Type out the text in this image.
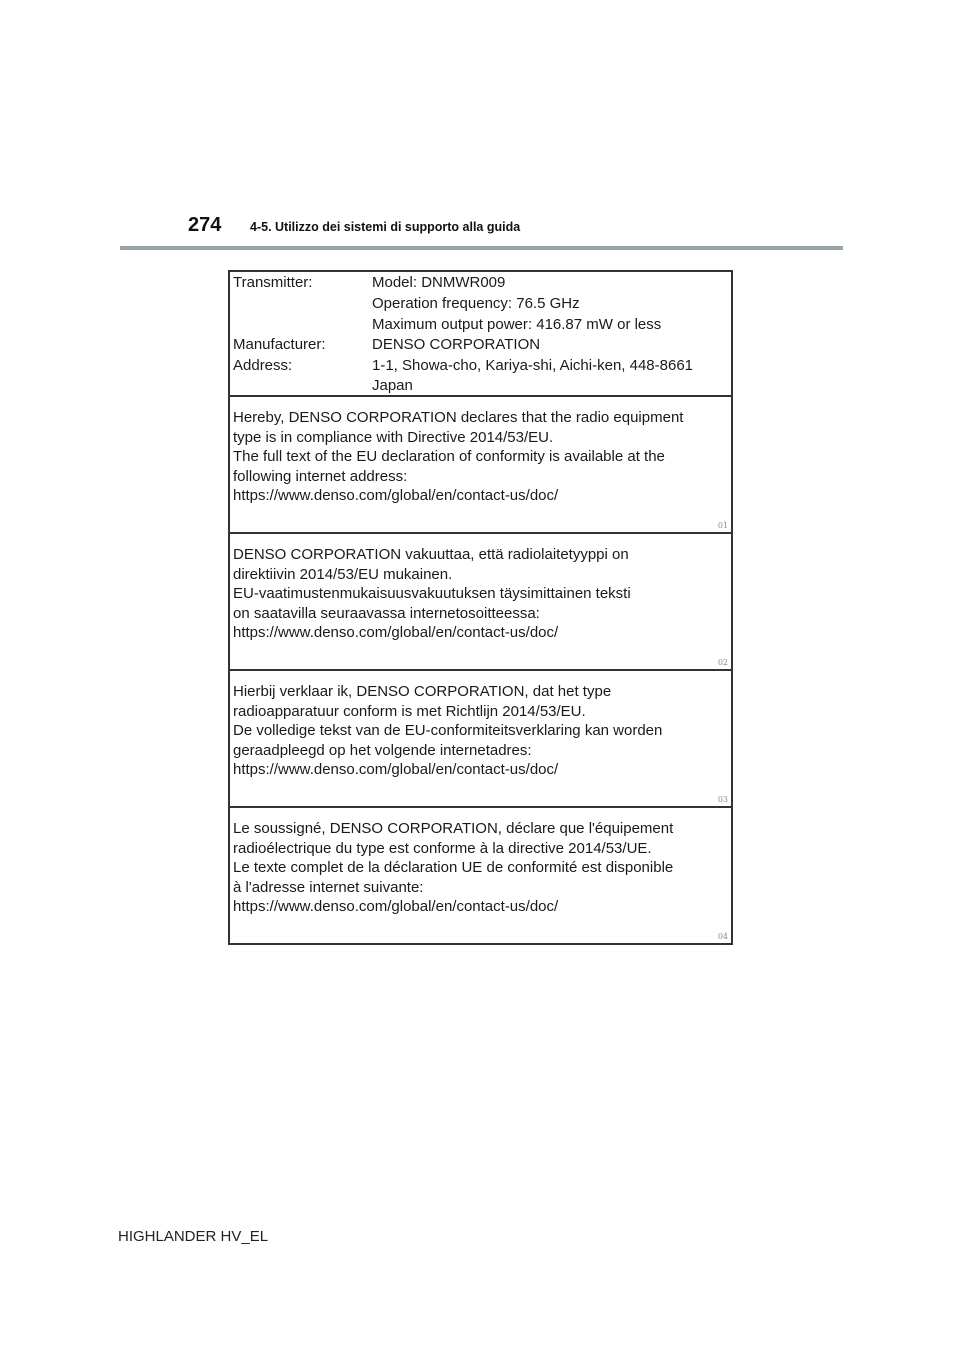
274 4-5. Utilizzo dei sistemi di supporto alla guida
Transmitter:	Model: DNMWR009
Operation frequency: 76.5 GHz
Maximum output power: 416.87 mW or less
Manufacturer:	DENSO CORPORATION
Address:	1-1, Showa-cho, Kariya-shi, Aichi-ken, 448-8661
Japan
Hereby, DENSO CORPORATION declares that the radio equipment
type is in compliance with Directive 2014/53/EU.
The full text of the EU declaration of conformity is available at the
following internet address:
https://www.denso.com/global/en/contact-us/doc/
01
DENSO CORPORATION vakuuttaa, että radiolaitetyyppi on
direktiivin 2014/53/EU mukainen.
EU-vaatimustenmukaisuusvakuutuksen täysimittainen teksti
on saatavilla seuraavassa internetosoitteessa:
https://www.denso.com/global/en/contact-us/doc/
02
Hierbij verklaar ik, DENSO CORPORATION, dat het type
radioapparatuur conform is met Richtlijn 2014/53/EU.
De volledige tekst van de EU-conformiteitsverklaring kan worden
geraadpleegd op het volgende internetadres:
https://www.denso.com/global/en/contact-us/doc/
03
Le soussigné, DENSO CORPORATION, déclare que l'équipement
radioélectrique du type est conforme à la directive 2014/53/UE.
Le texte complet de la déclaration UE de conformité est disponible
à l'adresse internet suivante:
https://www.denso.com/global/en/contact-us/doc/
04
HIGHLANDER HV_EL
